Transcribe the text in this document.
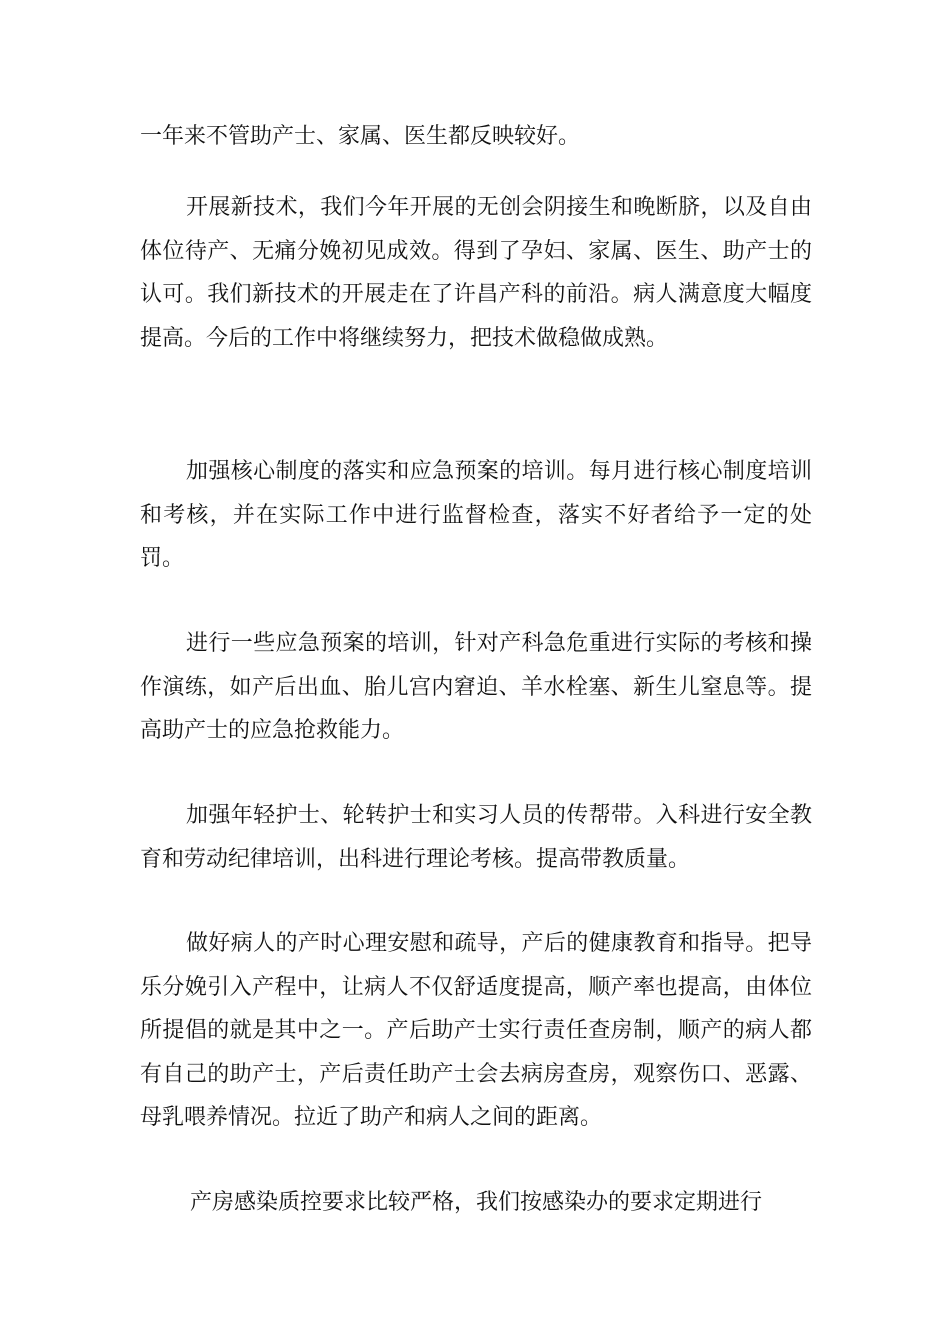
一年来不管助产士、家属、医生都反映较好。

开展新技术，我们今年开展的无创会阴接生和晚断脐，以及自由体位待产、无痛分娩初见成效。得到了孕妇、家属、医生、助产士的认可。我们新技术的开展走在了许昌产科的前沿。病人满意度大幅度提高。今后的工作中将继续努力，把技术做稳做成熟。

加强核心制度的落实和应急预案的培训。每月进行核心制度培训和考核，并在实际工作中进行监督检查，落实不好者给予一定的处罚。

进行一些应急预案的培训，针对产科急危重进行实际的考核和操作演练，如产后出血、胎儿宫内窘迫、羊水栓塞、新生儿窒息等。提高助产士的应急抢救能力。

加强年轻护士、轮转护士和实习人员的传帮带。入科进行安全教育和劳动纪律培训，出科进行理论考核。提高带教质量。

做好病人的产时心理安慰和疏导，产后的健康教育和指导。把导乐分娩引入产程中，让病人不仅舒适度提高，顺产率也提高，由体位所提倡的就是其中之一。产后助产士实行责任查房制，顺产的病人都有自己的助产士，产后责任助产士会去病房查房，观察伤口、恶露、母乳喂养情况。拉近了助产和病人之间的距离。

产房感染质控要求比较严格，我们按感染办的要求定期进行
